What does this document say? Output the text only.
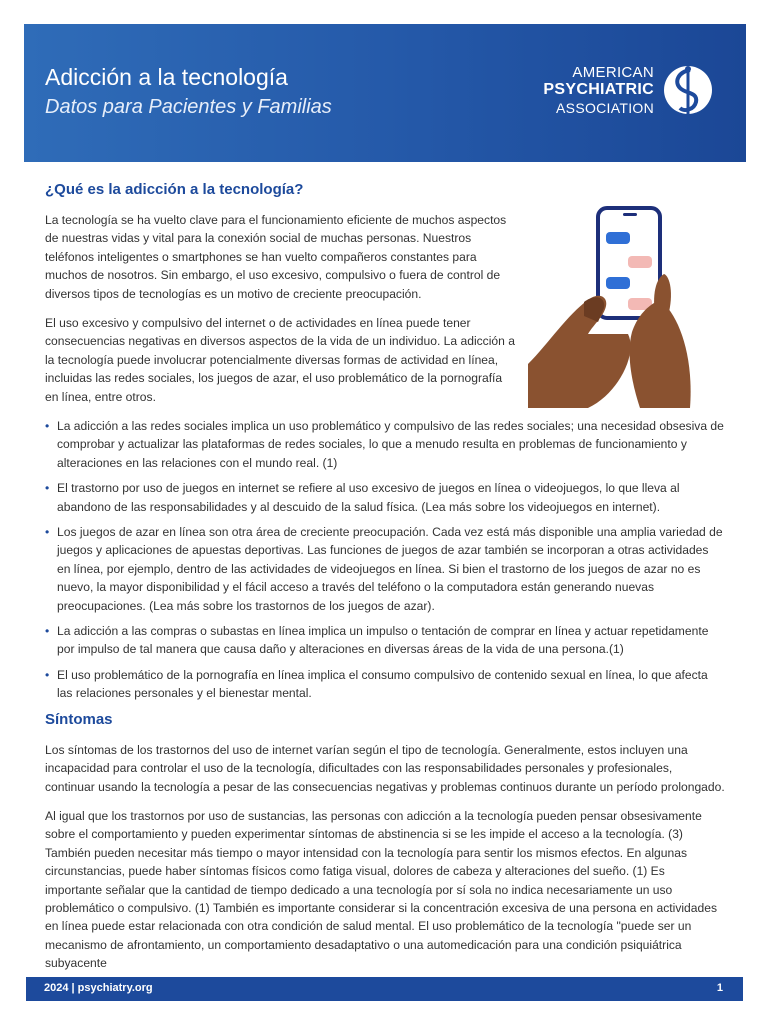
Adicción a la tecnología
Datos para Pacientes y Familias
AMERICAN
PSYCHIATRIC
ASSOCIATION
¿Qué es la adicción a la tecnología?

La tecnología se ha vuelto clave para el funcionamiento eficiente de muchos aspectos de nuestras vidas y vital para la conexión social de muchas personas. Nuestros teléfonos inteligentes o smartphones se han vuelto compañeros constantes para muchos de nosotros. Sin embargo, el uso excesivo, compulsivo o fuera de control de diversos tipos de tecnologías es un motivo de creciente preocupación.

El uso excesivo y compulsivo del internet o de actividades en línea puede tener consecuencias negativas en diversos aspectos de la vida de un individuo. La adicción a la tecnología puede involucrar potencialmente diversas formas de actividad en línea, incluidas las redes sociales, los juegos de azar, el uso problemático de la pornografía en línea, entre otros.

• La adicción a las redes sociales implica un uso problemático y compulsivo de las redes sociales; una necesidad obsesiva de comprobar y actualizar las plataformas de redes sociales, lo que a menudo resulta en problemas de funcionamiento y alteraciones en las relaciones con el mundo real. (1)
• El trastorno por uso de juegos en internet se refiere al uso excesivo de juegos en línea o videojuegos, lo que lleva al abandono de las responsabilidades y al descuido de la salud física. (Lea más sobre los videojuegos en internet).
• Los juegos de azar en línea son otra área de creciente preocupación. Cada vez está más disponible una amplia variedad de juegos y aplicaciones de apuestas deportivas. Las funciones de juegos de azar también se incorporan a otras actividades en línea, por ejemplo, dentro de las actividades de videojuegos en línea. Si bien el trastorno de los juegos de azar no es nuevo, la mayor disponibilidad y el fácil acceso a través del teléfono o la computadora están generando nuevas preocupaciones. (Lea más sobre los trastornos de los juegos de azar).
• La adicción a las compras o subastas en línea implica un impulso o tentación de comprar en línea y actuar repetidamente por impulso de tal manera que causa daño y alteraciones en diversas áreas de la vida de una persona.(1)
• El uso problemático de la pornografía en línea implica el consumo compulsivo de contenido sexual en línea, lo que afecta las relaciones personales y el bienestar mental.
Síntomas

Los síntomas de los trastornos del uso de internet varían según el tipo de tecnología. Generalmente, estos incluyen una incapacidad para controlar el uso de la tecnología, dificultades con las responsabilidades personales y profesionales, continuar usando la tecnología a pesar de las consecuencias negativas y problemas continuos durante un período prolongado.

Al igual que los trastornos por uso de sustancias, las personas con adicción a la tecnología pueden pensar obsesivamente sobre el comportamiento y pueden experimentar síntomas de abstinencia si se les impide el acceso a la tecnología. (3) También pueden necesitar más tiempo o mayor intensidad con la tecnología para sentir los mismos efectos. En algunas circunstancias, puede haber síntomas físicos como fatiga visual, dolores de cabeza y alteraciones del sueño. (1) Es importante señalar que la cantidad de tiempo dedicado a una tecnología por sí sola no indica necesariamente un uso problemático o compulsivo. (1) También es importante considerar si la concentración excesiva de una persona en actividades en línea puede estar relacionada con otra condición de salud mental. El uso problemático de la tecnología "puede ser un mecanismo de afrontamiento, un comportamiento desadaptativo o una automedicación para una condición psiquiátrica subyacente

2024 | psychiatry.org	1
